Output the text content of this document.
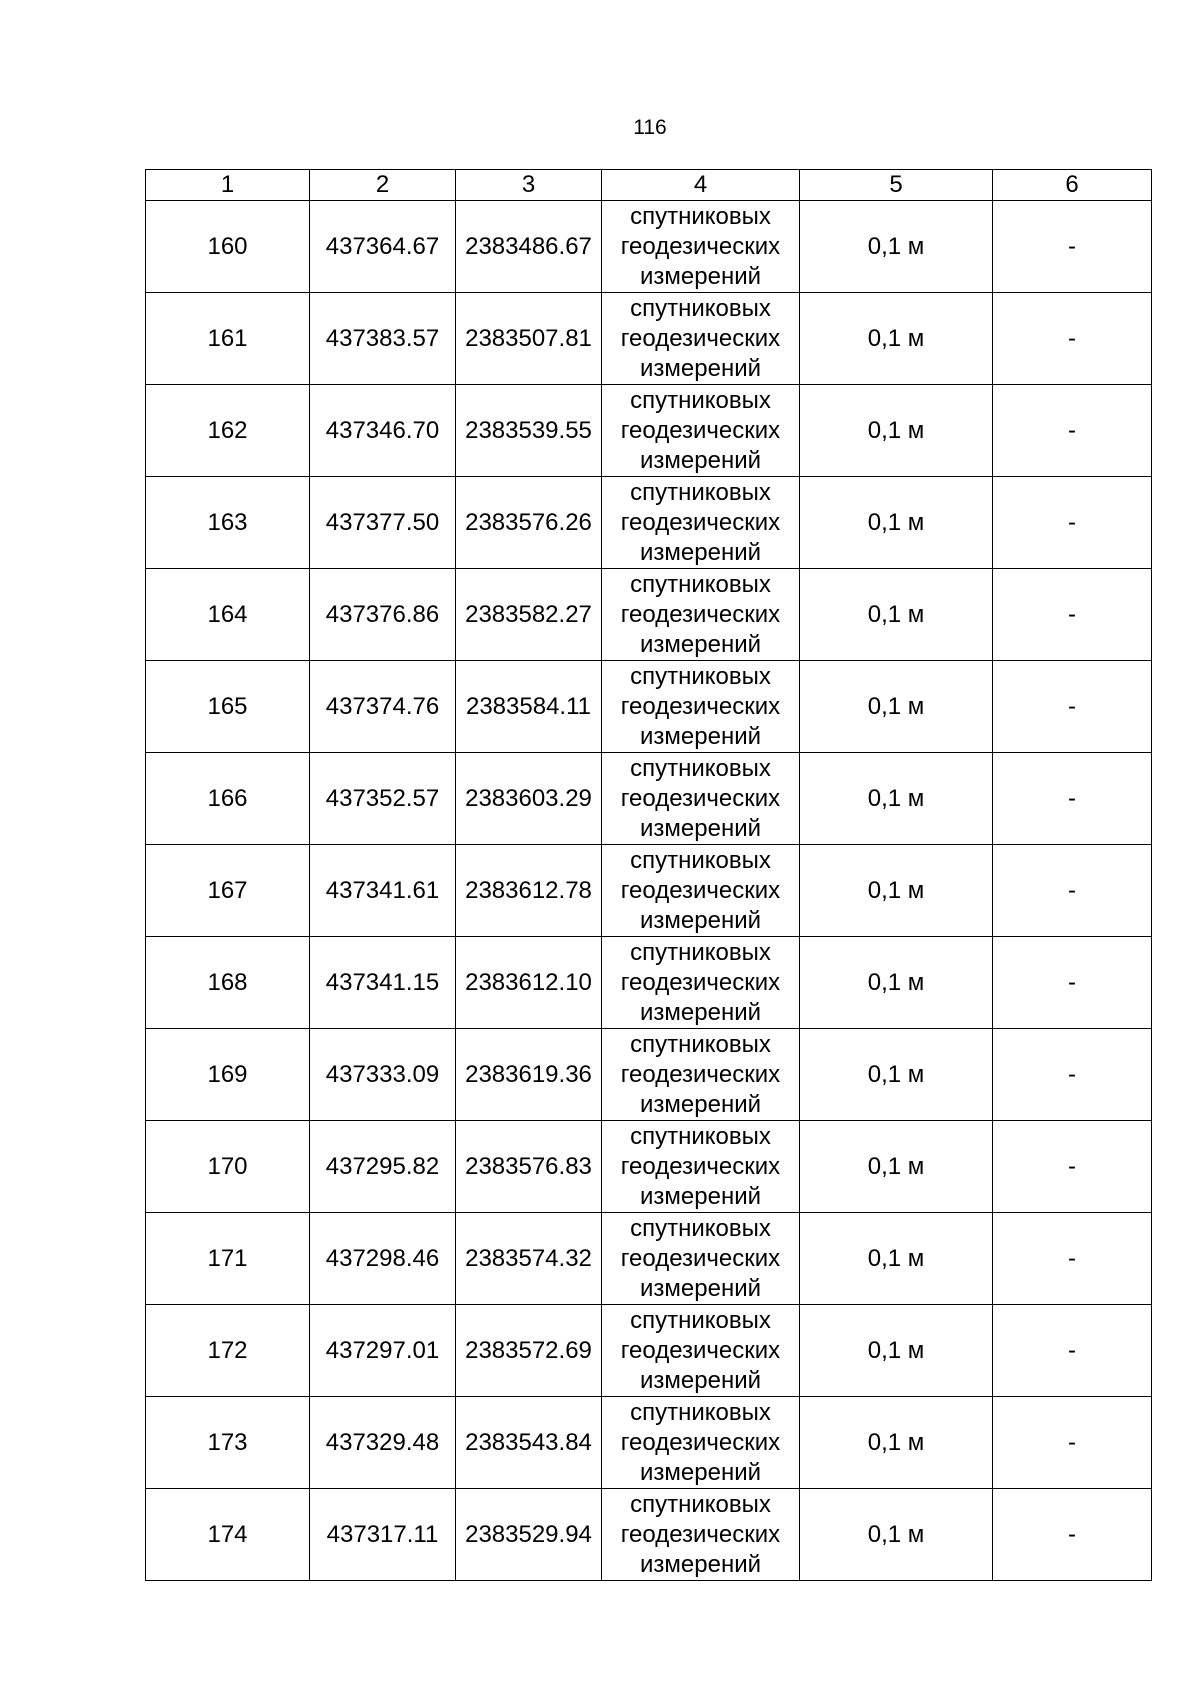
116
1	2	3	4	5	6
160	437364.67	2383486.67	спутниковых
геодезических
измерений	0,1 м	-
161	437383.57	2383507.81	спутниковых
геодезических
измерений	0,1 м	-
162	437346.70	2383539.55	спутниковых
геодезических
измерений	0,1 м	-
163	437377.50	2383576.26	спутниковых
геодезических
измерений	0,1 м	-
164	437376.86	2383582.27	спутниковых
геодезических
измерений	0,1 м	-
165	437374.76	2383584.11	спутниковых
геодезических
измерений	0,1 м	-
166	437352.57	2383603.29	спутниковых
геодезических
измерений	0,1 м	-
167	437341.61	2383612.78	спутниковых
геодезических
измерений	0,1 м	-
168	437341.15	2383612.10	спутниковых
геодезических
измерений	0,1 м	-
169	437333.09	2383619.36	спутниковых
геодезических
измерений	0,1 м	-
170	437295.82	2383576.83	спутниковых
геодезических
измерений	0,1 м	-
171	437298.46	2383574.32	спутниковых
геодезических
измерений	0,1 м	-
172	437297.01	2383572.69	спутниковых
геодезических
измерений	0,1 м	-
173	437329.48	2383543.84	спутниковых
геодезических
измерений	0,1 м	-
174	437317.11	2383529.94	спутниковых
геодезических
измерений	0,1 м	-
